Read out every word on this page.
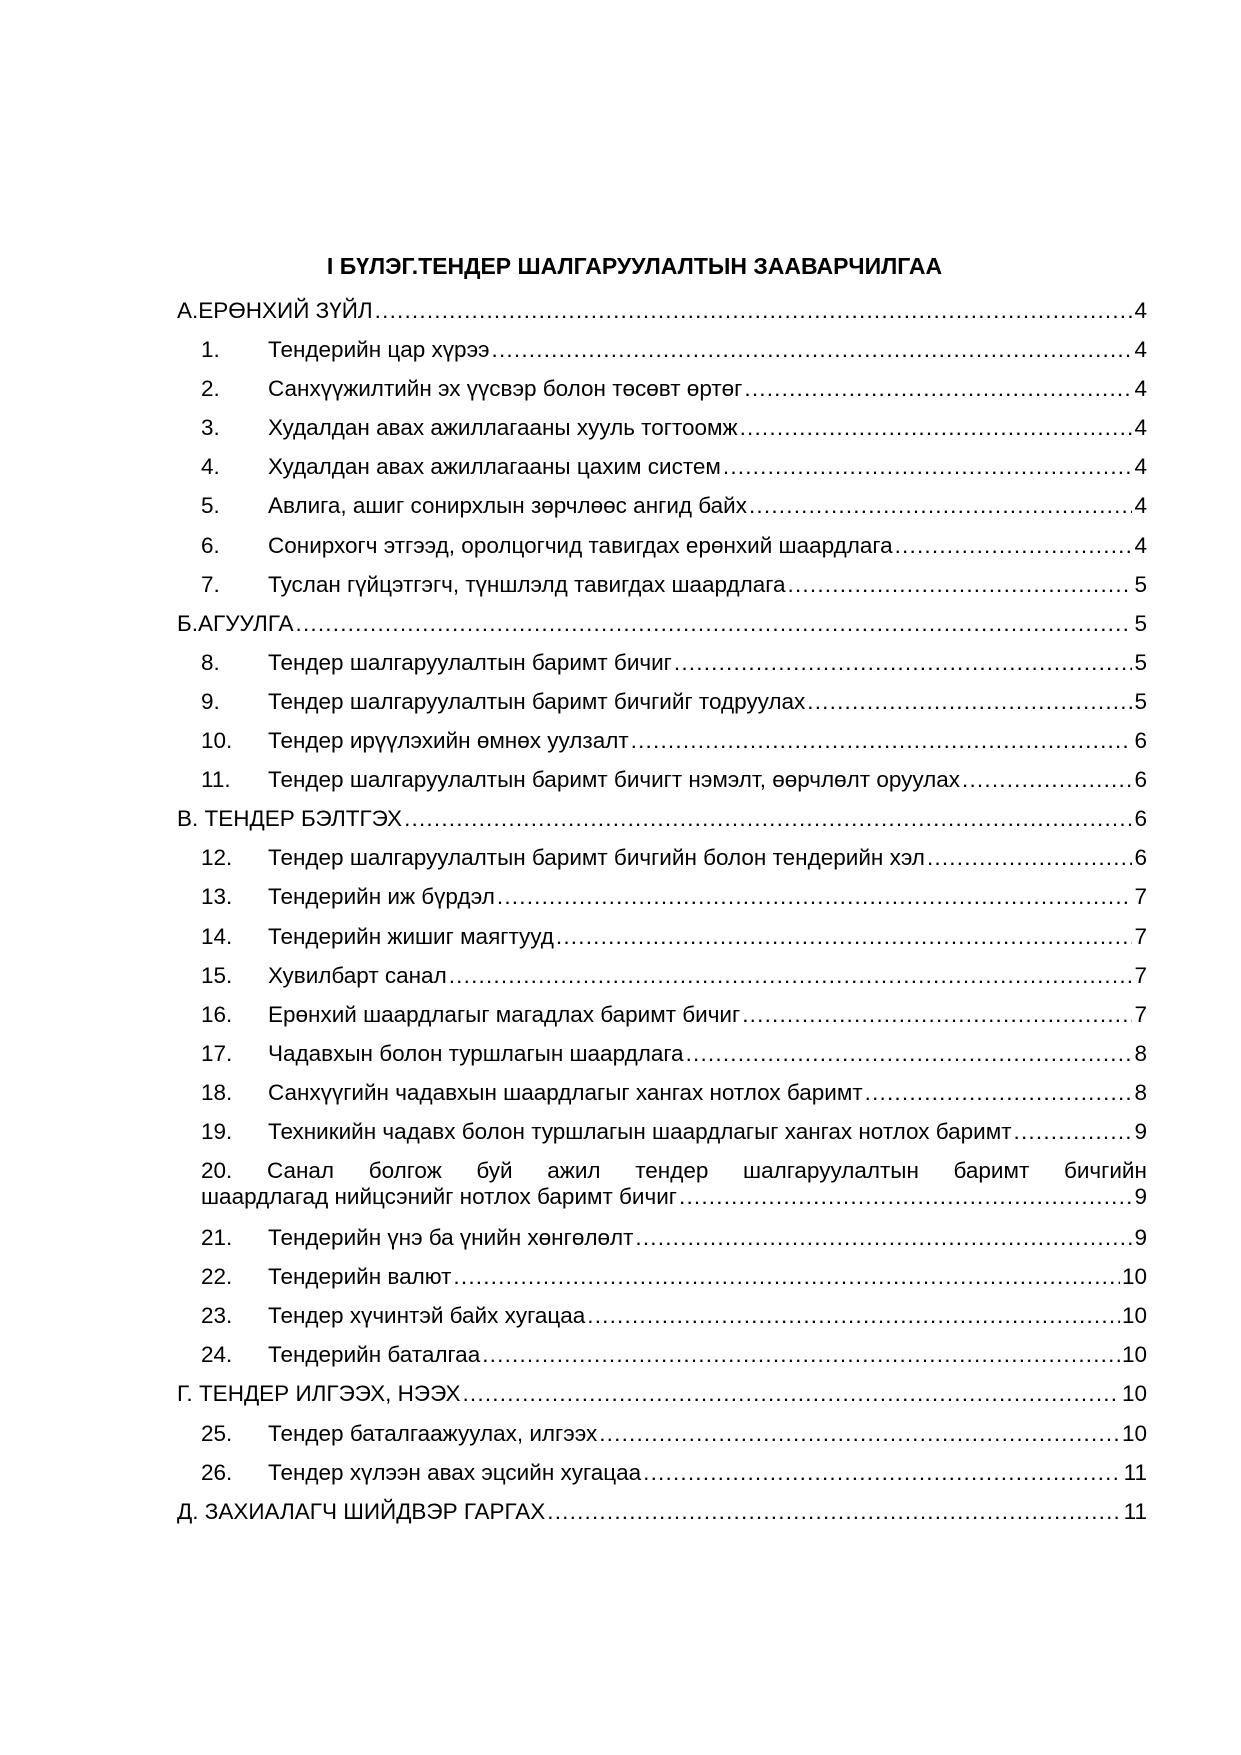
I БҮЛЭГ.ТЕНДЕР ШАЛГАРУУЛАЛТЫН ЗААВАРЧИЛГАА
А.ЕРӨНХИЙ ЗҮЙЛ .....	4
1.	Тендерийн цар хүрээ .....	4
2.	Санхүүжилтийн эх үүсвэр болон төсөвт өртөг .....	4
3.	Худалдан авах ажиллагааны хууль тогтоомж .....	4
4.	Худалдан авах ажиллагааны цахим систем .....	4
5.	Авлига, ашиг сонирхлын зөрчлөөс ангид байх .....	4
6.	Сонирхогч этгээд, оролцогчид тавигдах ерөнхий шаардлага .....	4
7.	Туслан гүйцэтгэгч, түншлэлд тавигдах шаардлага .....	5
Б.АГУУЛГА .....	5
8.	Тендер шалгаруулалтын баримт бичиг .....	5
9.	Тендер шалгаруулалтын баримт бичгийг тодруулах .....	5
10.	Тендер ирүүлэхийн өмнөх уулзалт .....	6
11.	Тендер шалгаруулалтын баримт бичигт нэмэлт, өөрчлөлт оруулах .....	6
В. ТЕНДЕР БЭЛТГЭХ .....	6
12.	Тендер шалгаруулалтын баримт бичгийн болон тендерийн хэл .....	6
13.	Тендерийн иж бүрдэл .....	7
14.	Тендерийн жишиг маягтууд .....	7
15.	Хувилбарт санал .....	7
16.	Ерөнхий шаардлагыг магадлах баримт бичиг .....	7
17.	Чадавхын болон туршлагын шаардлага .....	8
18.	Санхүүгийн чадавхын шаардлагыг хангах нотлох баримт .....	8
19.	Техникийн чадавх болон туршлагын шаардлагыг хангах нотлох баримт .....	9
20. Санал болгож буй ажил тендер шалгаруулалтын баримт бичгийн
шаардлагад нийцсэнийг нотлох баримт бичиг .....	9
21.	Тендерийн үнэ ба үнийн хөнгөлөлт .....	9
22.	Тендерийн валют .....	10
23.	Тендер хүчинтэй байх хугацаа .....	10
24.	Тендерийн баталгаа .....	10
Г. ТЕНДЕР ИЛГЭЭХ, НЭЭХ .....	10
25.	Тендер баталгаажуулах, илгээх .....	10
26.	Тендер хүлээн авах эцсийн хугацаа .....	11
Д. ЗАХИАЛАГЧ ШИЙДВЭР ГАРГАХ .....	11
